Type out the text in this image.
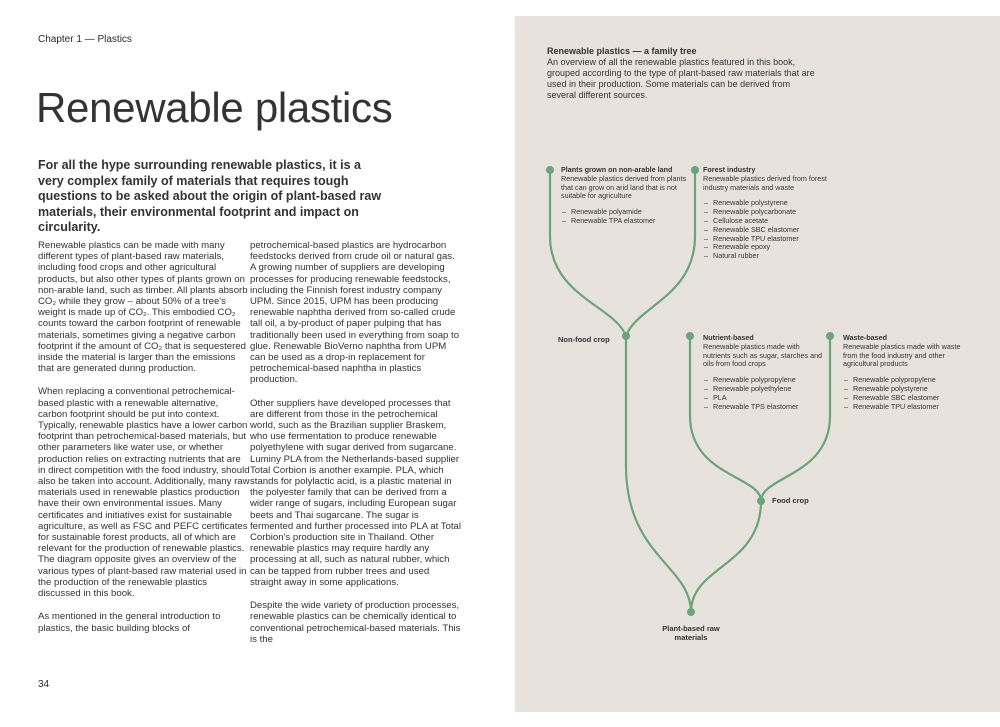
Chapter 1 — Plastics
Renewable plastics

For all the hype surrounding renewable plastics, it is a very complex family of materials that requires tough questions to be asked about the origin of plant-based raw materials, their environmental footprint and impact on circularity.

Renewable plastics can be made with many different types of plant-based raw materials, including food crops and other agricultural products, but also other types of plants grown on non-arable land, such as timber. All plants absorb CO₂ while they grow – about 50% of a tree's weight is made up of CO₂. This embodied CO₂ counts toward the carbon footprint of renewable materials, sometimes giving a negative carbon footprint if the amount of CO₂ that is sequestered inside the material is larger than the emissions that are generated during production.

When replacing a conventional petrochemical-based plastic with a renewable alternative, carbon footprint should be put into context. Typically, renewable plastics have a lower carbon footprint than petrochemical-based materials, but other parameters like water use, or whether production relies on extracting nutrients that are in direct competition with the food industry, should also be taken into account. Additionally, many raw materials used in renewable plastics production have their own environmental issues. Many certificates and initiatives exist for sustainable agriculture, as well as FSC and PEFC certificates for sustainable forest products, all of which are relevant for the production of renewable plastics. The diagram opposite gives an overview of the various types of plant-based raw material used in the production of the renewable plastics discussed in this book.

As mentioned in the general introduction to plastics, the basic building blocks of

petrochemical-based plastics are hydrocarbon feedstocks derived from crude oil or natural gas. A growing number of suppliers are developing processes for producing renewable feedstocks, including the Finnish forest industry company UPM. Since 2015, UPM has been producing renewable naphtha derived from so-called crude tall oil, a by-product of paper pulping that has traditionally been used in everything from soap to glue. Renewable BioVerno naphtha from UPM can be used as a drop-in replacement for petrochemical-based naphtha in plastics production.

Other suppliers have developed processes that are different from those in the petrochemical world, such as the Brazilian supplier Braskem, who use fermentation to produce renewable polyethylene with sugar derived from sugarcane. Luminy PLA from the Netherlands-based supplier Total Corbion is another example. PLA, which stands for polylactic acid, is a plastic material in the polyester family that can be derived from a wider range of sugars, including European sugar beets and Thai sugarcane. The sugar is fermented and further processed into PLA at Total Corbion's production site in Thailand. Other renewable plastics may require hardly any processing at all, such as natural rubber, which can be tapped from rubber trees and used straight away in some applications.

Despite the wide variety of production processes, renewable plastics can be chemically identical to conventional petrochemical-based materials. This is the

34
Renewable plastics — a family tree
An overview of all the renewable plastics featured in this book, grouped according to the type of plant-based raw materials that are used in their production. Some materials can be derived from several different sources.
Plants grown on non-arable land
Renewable plastics derived from plants that can grow on arid land that is not suitable for agriculture
– Renewable polyamide
– Renewable TPA elastomer
Forest industry
Renewable plastics derived from forest industry materials and waste
– Renewable polystyrene
– Renewable polycarbonate
– Cellulose acetate
– Renewable SBC elastomer
– Renewable TPU elastomer
– Renewable epoxy
– Natural rubber
Nutrient-based
Renewable plastics made with nutrients such as sugar, starches and oils from food crops
– Renewable polypropylene
– Renewable polyethylene
– PLA
– Renewable TPS elastomer
Waste-based
Renewable plastics made with waste from the food industry and other agricultural products
– Renewable polypropylene
– Renewable polystyrene
– Renewable SBC elastomer
– Renewable TPU elastomer
Non-food crop
Food crop
Plant-based raw materials
